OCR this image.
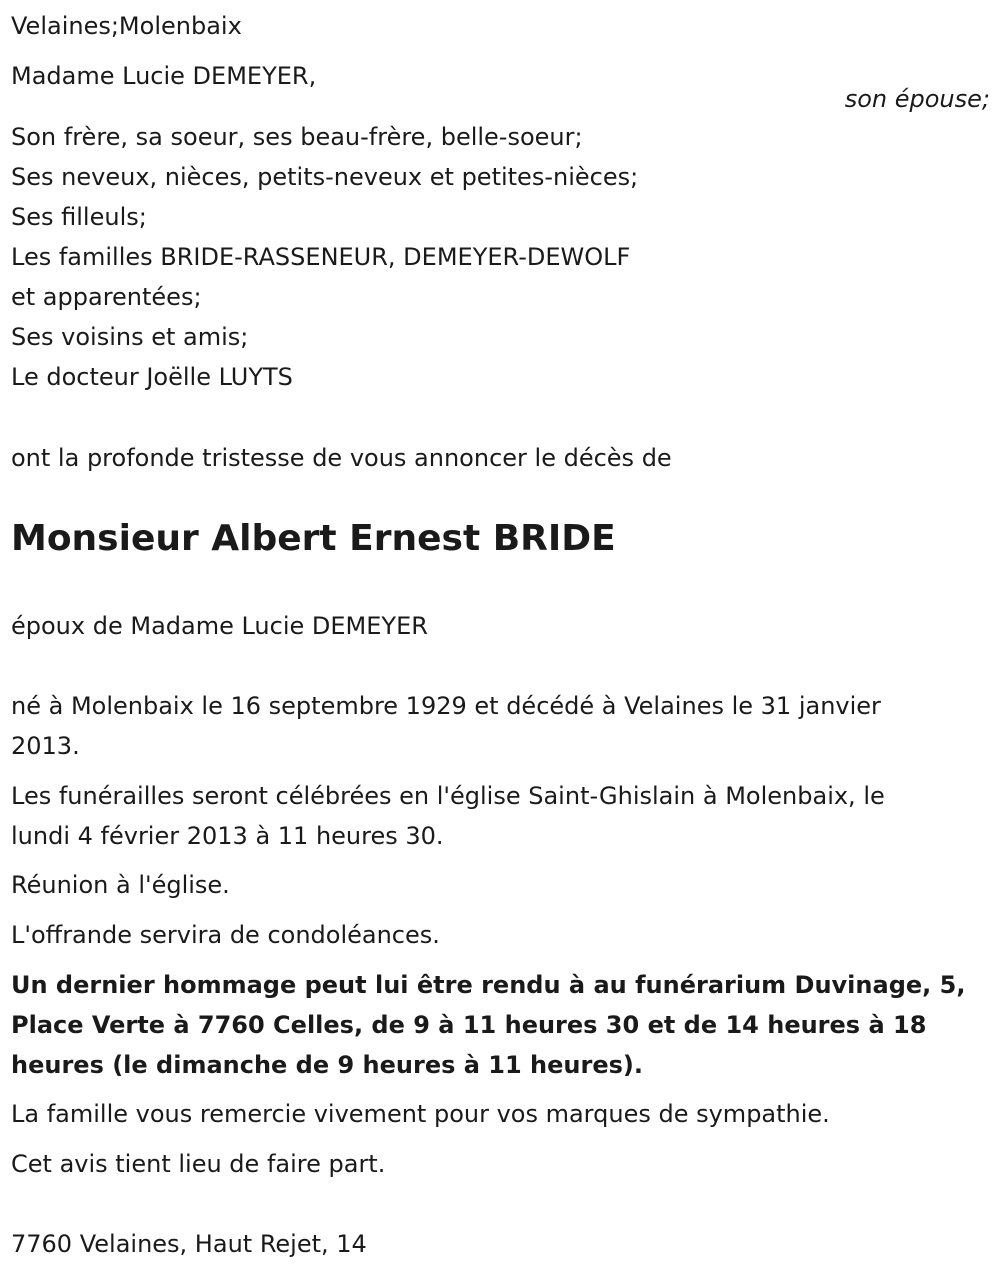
Velaines;Molenbaix
Madame Lucie DEMEYER,
son épouse;
Son frère, sa soeur, ses beau-frère, belle-soeur;
Ses neveux, nièces, petits-neveux et petites-nièces;
Ses filleuls;
Les familles BRIDE-RASSENEUR, DEMEYER-DEWOLF
et apparentées;
Ses voisins et amis;
Le docteur Joëlle LUYTS
ont la profonde tristesse de vous annoncer le décès de
Monsieur Albert Ernest BRIDE
époux de Madame Lucie DEMEYER
né à Molenbaix le 16 septembre 1929 et décédé à Velaines le 31 janvier
2013.
Les funérailles seront célébrées en l'église Saint-Ghislain à Molenbaix, le
lundi 4 février 2013 à 11 heures 30.
Réunion à l'église.
L'offrande servira de condoléances.
Un dernier hommage peut lui être rendu à au funérarium Duvinage, 5,
Place Verte à 7760 Celles, de 9 à 11 heures 30 et de 14 heures à 18
heures (le dimanche de 9 heures à 11 heures).
La famille vous remercie vivement pour vos marques de sympathie.
Cet avis tient lieu de faire part.
7760 Velaines, Haut Rejet, 14
